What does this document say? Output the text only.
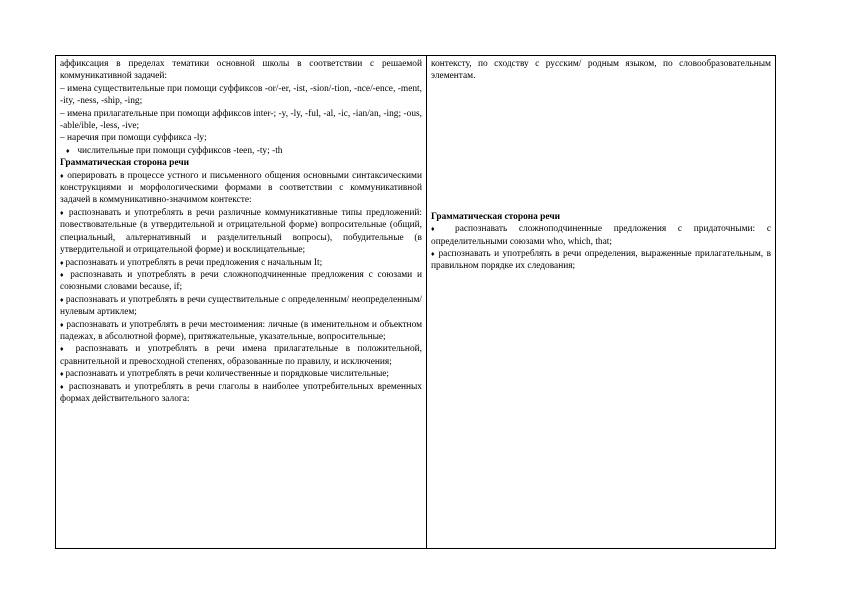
аффиксация в пределах тематики основной школы в соответствии с решаемой коммуникативной задачей:

– имена существительные при помощи суффиксов -or/-er, -ist, -sion/-tion, -nce/-ence, -ment, -ity, -ness, -ship, -ing;

– имена прилагательные при помощи аффиксов inter-; -y, -ly, -ful, -al, -ic, -ian/an, -ing; -ous, -able/ible, -less, -ive;

– наречия при помощи суффикса -ly;

♦ числительные при помощи суффиксов -teen, -ty; -th

Грамматическая сторона речи

♦ оперировать в процессе устного и письменного общения основными синтаксическими конструкциями и морфологическими формами в соответствии с коммуникативной задачей в коммуникативно-значимом контексте:

♦ распознавать и употреблять в речи различные коммуникативные типы предложений: повествовательные (в утвердительной и отрицательной форме) вопросительные (общий, специальный, альтернативный и разделительный вопросы), побудительные (в утвердительной и отрицательной форме) и восклицательные;

♦ распознавать и употреблять в речи предложения с начальным It;

♦ распознавать и употреблять в речи сложноподчиненные предложения с союзами и союзными словами because, if;

♦ распознавать и употреблять в речи существительные с определенным/ неопределенным/нулевым артиклем;

♦ распознавать и употреблять в речи местоимения: личные (в именительном и объектном падежах, в абсолютной форме), притяжательные, указательные, вопросительные;

♦ распознавать и употреблять в речи имена прилагательные в положительной, сравнительной и превосходной степенях, образованные по правилу, и исключения;

♦ распознавать и употреблять в речи количественные и порядковые числительные;

♦ распознавать и употреблять в речи глаголы в наиболее употребительных временных формах действительного залога:

контексту, по сходству с русским/ родным языком, по словообразовательным элементам.

Грамматическая сторона речи

♦ распознавать сложноподчиненные предложения с придаточными: с определительными союзами who, which, that;

♦ распознавать и употреблять в речи определения, выраженные прилагательным, в правильном порядке их следования;
